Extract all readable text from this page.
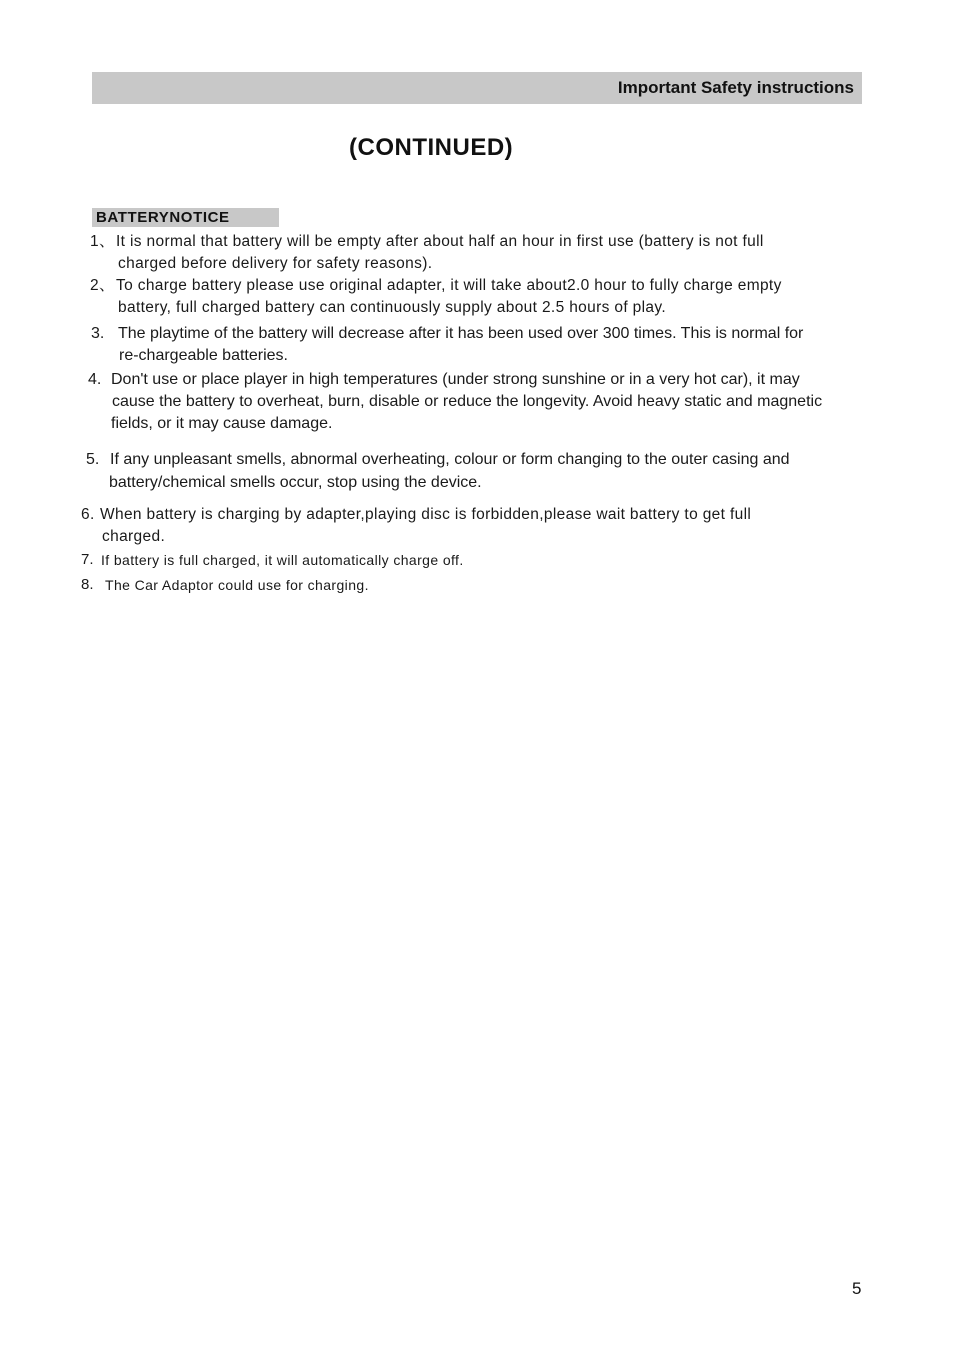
Important Safety instructions
(CONTINUED)
BATTERYNOTICE
1、 It is normal that battery will be empty after about half an hour in first use (battery is not full
charged before delivery for safety reasons).
2、 To charge battery please use original adapter, it will take about2.0 hour to fully charge empty
battery, full charged battery can continuously supply about 2.5 hours of play.
3. The playtime of the battery will decrease after it has been used over 300 times. This is normal for
re-chargeable batteries.
4. Don't use or place player in high temperatures (under strong sunshine or in a very hot car), it may
cause the battery to overheat, burn, disable or reduce the longevity. Avoid heavy static and magnetic
fields, or it may cause damage.
5. If any unpleasant smells, abnormal overheating, colour or form changing to the outer casing and
battery/chemical smells occur, stop using the device.
6. When battery is charging by adapter,playing disc is forbidden,please wait battery to get full
charged.
7. If battery is full charged, it will automatically charge off.
8. The Car Adaptor could use for charging.
5
